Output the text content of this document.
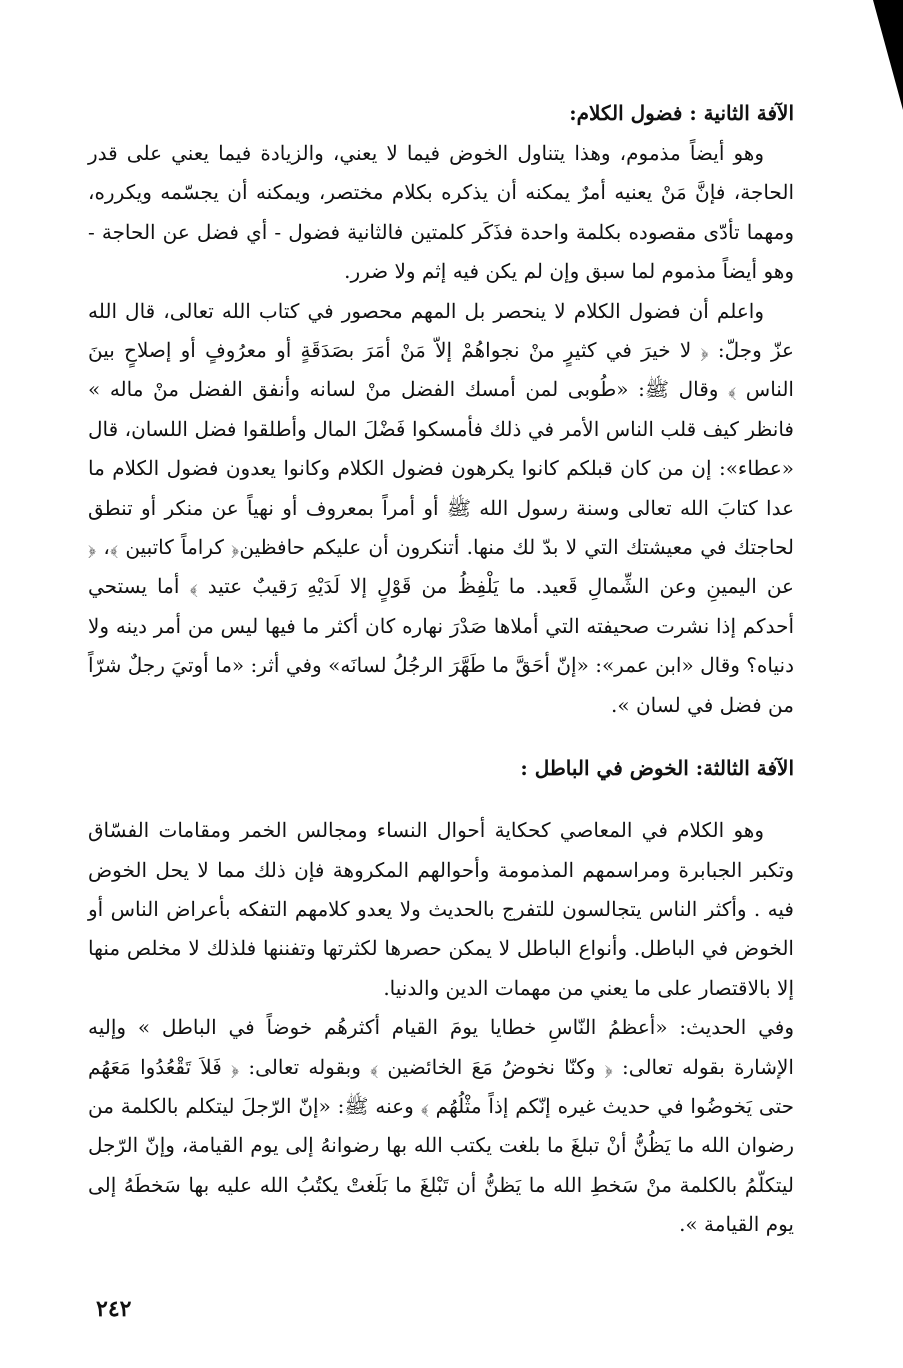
الآفة الثانية : فضول الكلام:

وهو أيضاً مذموم، وهذا يتناول الخوض فيما لا يعني، والزيادة فيما يعني على قدر الحاجة، فإنَّ مَنْ يعنيه أمرٌ يمكنه أن يذكره بكلام مختصر، ويمكنه أن يجسّمه ويكرره، ومهما تأدّى مقصوده بكلمة واحدة فذَكَر كلمتين فالثانية فضول - أي فضل عن الحاجة - وهو أيضاً مذموم لما سبق وإن لم يكن فيه إثم ولا ضرر.

واعلم أن فضول الكلام لا ينحصر بل المهم محصور في كتاب الله تعالى، قال الله عزّ وجلّ: ﴿ لا خيرَ في كثيرٍ منْ نجواهُمْ إلاّ مَنْ أمَرَ بصَدَقَةٍ أو معرُوفٍ أو إصلاحٍ بينَ الناس ﴾ وقال ﷺ: «طُوبى لمن أمسك الفضل منْ لسانه وأنفق الفضل منْ ماله » فانظر كيف قلب الناس الأمر في ذلك فأمسكوا فَضْلَ المال وأطلقوا فضل اللسان، قال «عطاء»: إن من كان قبلكم كانوا يكرهون فضول الكلام وكانوا يعدون فضول الكلام ما عدا كتابَ الله تعالى وسنة رسول الله ﷺ أو أمراً بمعروف أو نهياً عن منكر أو تنطق لحاجتك في معيشتك التي لا بدّ لك منها. أتنكرون أن عليكم حافظين﴿ كراماً كاتبين ﴾، ﴿ عن اليمينِ وعن الشِّمالِ قَعيد. ما يَلْفِظُ من قَوْلٍ إلا لَدَيْهِ رَقيبٌ عتيد ﴾ أما يستحي أحدكم إذا نشرت صحيفته التي أملاها صَدْرَ نهاره كان أكثر ما فيها ليس من أمر دينه ولا دنياه؟ وقال «ابن عمر»: «إنّ أحَقَّ ما طَهَّرَ الرجُلُ لسانَه» وفي أثر: «ما أوتيَ رجلٌ شرّاً من فضل في لسان ».

الآفة الثالثة: الخوض في الباطل :

وهو الكلام في المعاصي كحكاية أحوال النساء ومجالس الخمر ومقامات الفسّاق وتكبر الجبابرة ومراسمهم المذمومة وأحوالهم المكروهة فإن ذلك مما لا يحل الخوض فيه . وأكثر الناس يتجالسون للتفرج بالحديث ولا يعدو كلامهم التفكه بأعراض الناس أو الخوض في الباطل. وأنواع الباطل لا يمكن حصرها لكثرتها وتفننها فلذلك لا مخلص منها إلا بالاقتصار على ما يعني من مهمات الدين والدنيا.

وفي الحديث: «أعظمُ النّاسِ خطايا يومَ القيام أكثرهُم خوضاً في الباطل » وإليه الإشارة بقوله تعالى: ﴿ وكنّا نخوضُ مَعَ الخائضين ﴾ وبقوله تعالى: ﴿ فَلاَ تَقْعُدُوا مَعَهُم حتى يَخوضُوا في حديث غيره إنّكم إذاً مثْلُهُم ﴾ وعنه ﷺ: «إنّ الرّجلَ ليتكلم بالكلمة من رضوان الله ما يَظُنُّ أنْ تبلغَ ما بلغت يكتب الله بها رضوانهُ إلى يوم القيامة، وإنّ الرّجل ليتكلّمُ بالكلمة منْ سَخطِ الله ما يَظنُّ أن تَبْلغَ ما بَلَغتْ يكتُبُ الله عليه بها سَخطَهُ إلى يوم القيامة ».

٢٤٢
